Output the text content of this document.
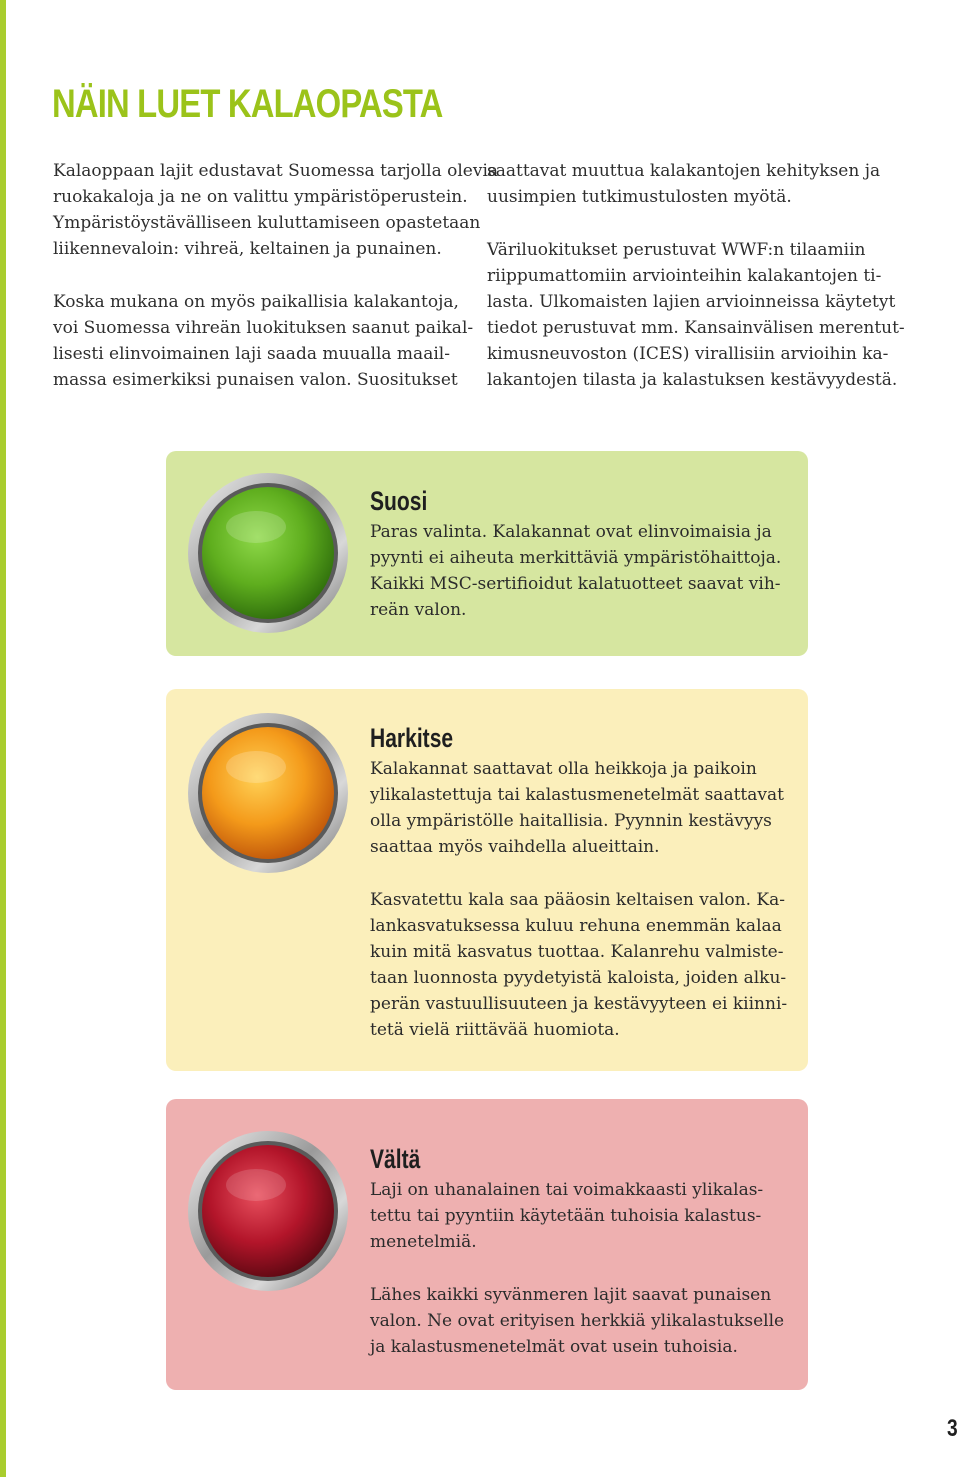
NÄIN LUET KALAOPASTA

Kalaoppaan lajit edustavat Suomessa tarjolla olevia
ruokakaloja ja ne on valittu ympäristöperustein.
Ympäristöystävälliseen kuluttamiseen opastetaan
liikennevaloin: vihreä, keltainen ja punainen.

Koska mukana on myös paikallisia kalakantoja,
voi Suomessa vihreän luokituksen saanut paikal-
lisesti elinvoimainen laji saada muualla maail-
massa esimerkiksi punaisen valon. Suositukset

saattavat muuttua kalakantojen kehityksen ja
uusimpien tutkimustulosten myötä.

Väriluokitukset perustuvat WWF:n tilaamiin
riippumattomiin arviointeihin kalakantojen ti-
lasta. Ulkomaisten lajien arvioinneissa käytetyt
tiedot perustuvat mm. Kansainvälisen merentut-
kimusneuvoston (ICES) virallisiin arvioihin ka-
lakantojen tilasta ja kalastuksen kestävyydestä.

Suosi

Paras valinta. Kalakannat ovat elinvoimaisia ja
pyynti ei aiheuta merkittäviä ympäristöhaittoja.
Kaikki MSC-sertifioidut kalatuotteet saavat vih-
reän valon.

Harkitse

Kalakannat saattavat olla heikkoja ja paikoin
ylikalastettuja tai kalastusmenetelmät saattavat
olla ympäristölle haitallisia. Pyynnin kestävyys
saattaa myös vaihdella alueittain.

Kasvatettu kala saa pääosin keltaisen valon. Ka-
lankasvatuksessa kuluu rehuna enemmän kalaa
kuin mitä kasvatus tuottaa. Kalanrehu valmiste-
taan luonnosta pyydetyistä kaloista, joiden alku-
perän vastuullisuuteen ja kestävyyteen ei kiinni-
tetä vielä riittävää huomiota.

Vältä

Laji on uhanalainen tai voimakkaasti ylikalas-
tettu tai pyyntiin käytetään tuhoisia kalastus-
menetelmiä.

Lähes kaikki syvänmeren lajit saavat punaisen
valon. Ne ovat erityisen herkkiä ylikalastukselle
ja kalastusmenetelmät ovat usein tuhoisia.

3
